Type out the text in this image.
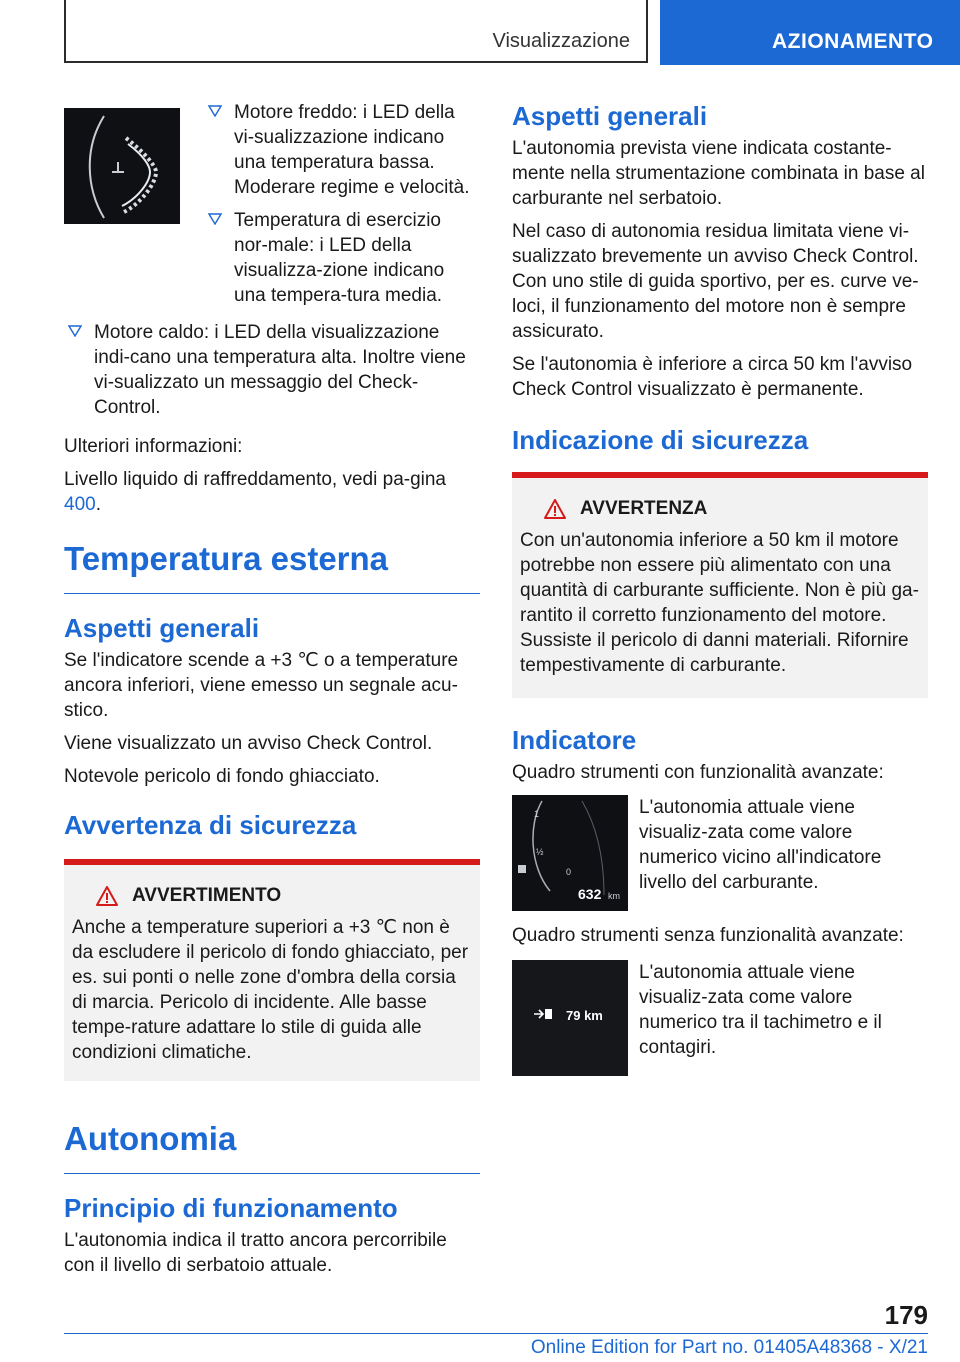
Visualizzazione	AZIONAMENTO
Motore freddo: i LED della vi-sualizzazione indicano una temperatura bassa. Moderare regime e velocità.
Temperatura di esercizio nor-male: i LED della visualizza-zione indicano una tempera-tura media.
Motore caldo: i LED della visualizzazione indi-cano una temperatura alta. Inoltre viene vi-sualizzato un messaggio del Check-Control.

Ulteriori informazioni:

Livello liquido di raffreddamento, vedi pa-gina 400.

Temperatura esterna
Aspetti generali

Se l'indicatore scende a +3 ℃ o a temperature ancora inferiori, viene emesso un segnale acu-stico.

Viene visualizzato un avviso Check Control.

Notevole pericolo di fondo ghiacciato.

Avvertenza di sicurezza
AVVERTIMENTO

Anche a temperature superiori a +3 ℃ non è da escludere il pericolo di fondo ghiacciato, per es. sui ponti o nelle zone d'ombra della corsia di marcia. Pericolo di incidente. Alle basse tempe-rature adattare lo stile di guida alle condizioni climatiche.

Autonomia
Principio di funzionamento

L'autonomia indica il tratto ancora percorribile con il livello di serbatoio attuale.

Aspetti generali

L'autonomia prevista viene indicata costante-mente nella strumentazione combinata in base al carburante nel serbatoio.

Nel caso di autonomia residua limitata viene vi-sualizzato brevemente un avviso Check Control. Con uno stile di guida sportivo, per es. curve ve-loci, il funzionamento del motore non è sempre assicurato.

Se l'autonomia è inferiore a circa 50 km l'avviso Check Control visualizzato è permanente.

Indicazione di sicurezza
AVVERTENZA

Con un'autonomia inferiore a 50 km il motore potrebbe non essere più alimentato con una quantità di carburante sufficiente. Non è più ga-rantito il corretto funzionamento del motore. Sussiste il pericolo di danni materiali. Rifornire tempestivamente di carburante.

Indicatore

Quadro strumenti con funzionalità avanzate:

1
½
0
632 km

L'autonomia attuale viene visualiz-zata come valore numerico vicino all'indicatore livello del carburante.

Quadro strumenti senza funzionalità avanzate:

79 km

L'autonomia attuale viene visualiz-zata come valore numerico tra il tachimetro e il contagiri.

179
Online Edition for Part no. 01405A48368 - X/21
